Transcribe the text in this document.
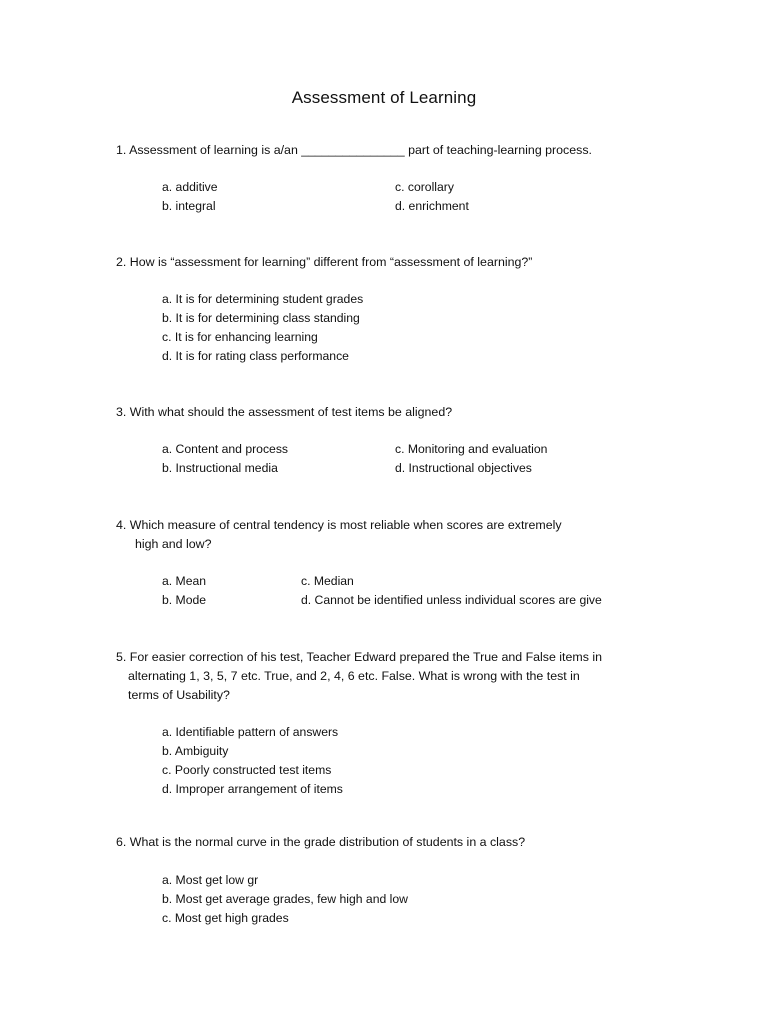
Assessment of Learning
1. Assessment of learning is a/an _______________ part of teaching-learning process.
a. additive
b. integral
c. corollary
d. enrichment
2. How is “assessment for learning” different from “assessment of learning?”
a. It is for determining student grades
b. It is for determining class standing
c. It is for enhancing learning
d. It is for rating class performance
3. With what should the assessment of test items be aligned?
a. Content and process
b. Instructional media
c. Monitoring and evaluation
d. Instructional objectives
4. Which measure of central tendency is most reliable when scores are extremely
high and low?
a. Mean
b. Mode
c. Median
d. Cannot be identified unless individual scores are give
5. For easier correction of his test, Teacher Edward prepared the True and False items in
alternating 1, 3, 5, 7 etc. True, and 2, 4, 6 etc. False. What is wrong with the test in
terms of Usability?
a. Identifiable pattern of answers
b. Ambiguity
c. Poorly constructed test items
d. Improper arrangement of items
6. What is the normal curve in the grade distribution of students in a class?
a. Most get low gr
b. Most get average grades, few high and low
c. Most get high grades
